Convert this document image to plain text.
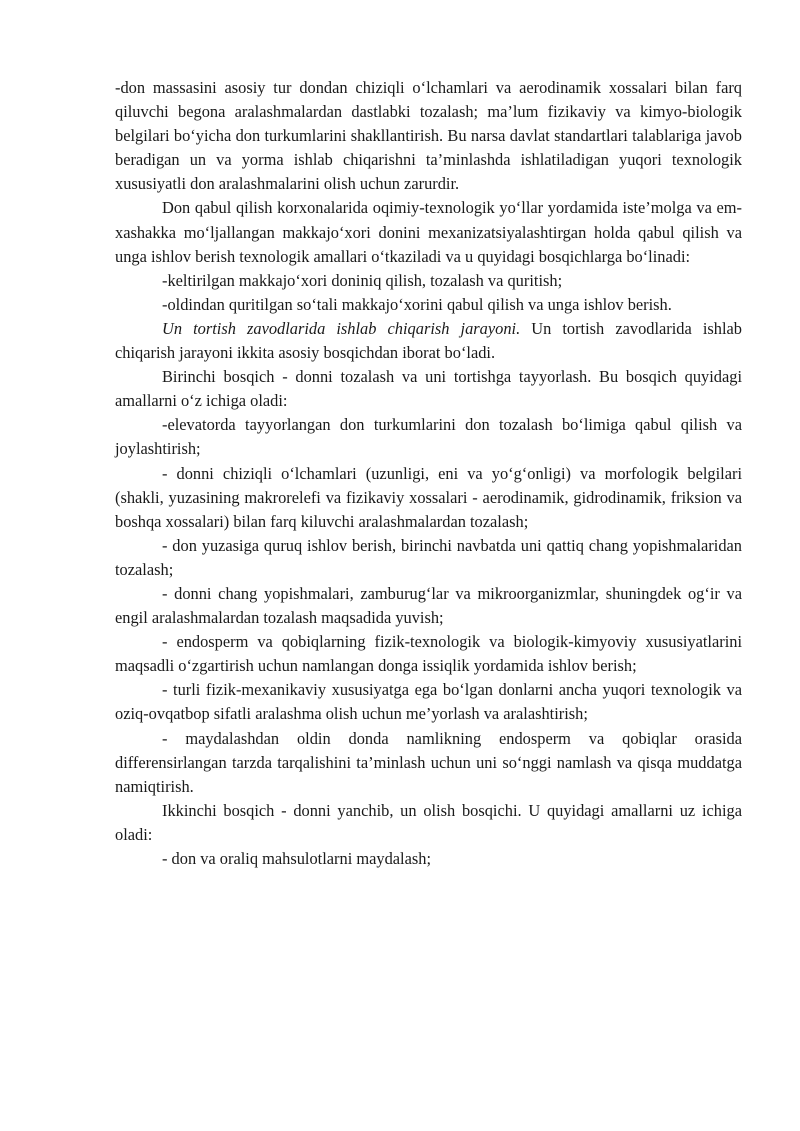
-don massasini asosiy tur dondan chiziqli o‘lchamlari va aerodinamik xossalari bilan farq qiluvchi begona aralashmalardan dastlabki tozalash; ma’lum fizikaviy va kimyo-biologik belgilari bo‘yicha don turkumlarini shakllantirish. Bu narsa davlat standartlari talablariga javob beradigan un va yorma ishlab chiqarishni ta’minlashda ishlatiladigan yuqori texnologik xususiyatli don aralashmalarini olish uchun zarurdir.

Don qabul qilish korxonalarida oqimiy-texnologik yo‘llar yordamida iste’molga va em-xashakka mo‘ljallangan makkajo‘xori donini mexanizatsiyalashtirgan holda qabul qilish va unga ishlov berish texnologik amallari o‘tkaziladi va u quyidagi bosqichlarga bo‘linadi:

-keltirilgan makkajo‘xori doniniq qilish, tozalash va quritish;

-oldindan quritilgan so‘tali makkajo‘xorini qabul qilish va unga ishlov berish.

Un tortish zavodlarida ishlab chiqarish jarayoni. Un tortish zavodlarida ishlab chiqarish jarayoni ikkita asosiy bosqichdan iborat bo‘ladi.

Birinchi bosqich - donni tozalash va uni tortishga tayyorlash. Bu bosqich quyidagi amallarni o‘z ichiga oladi:

-elevatorda tayyorlangan don turkumlarini don tozalash bo‘limiga qabul qilish va joylashtirish;

- donni chiziqli o‘lchamlari (uzunligi, eni va yo‘g‘onligi) va morfologik belgilari (shakli, yuzasining makrorelefi va fizikaviy xossalari - aerodinamik, gidrodinamik, friksion va boshqa xossalari) bilan farq kiluvchi aralashmalardan tozalash;

- don yuzasiga quruq ishlov berish, birinchi navbatda uni qattiq chang yopishmalaridan tozalash;

- donni chang yopishmalari, zamburug‘lar va mikroorganizmlar, shuningdek og‘ir va engil aralashmalardan tozalash maqsadida yuvish;

- endosperm va qobiqlarning fizik-texnologik va biologik-kimyoviy xususiyatlarini maqsadli o‘zgartirish uchun namlangan donga issiqlik yordamida ishlov berish;

- turli fizik-mexanikaviy xususiyatga ega bo‘lgan donlarni ancha yuqori texnologik va oziq-ovqatbop sifatli aralashma olish uchun me’yorlash va aralashtirish;

- maydalashdan oldin donda namlikning endosperm va qobiqlar orasida differensirlangan tarzda tarqalishini ta’minlash uchun uni so‘nggi namlash va qisqa muddatga namiqtirish.

Ikkinchi bosqich - donni yanchib, un olish bosqichi. U quyidagi amallarni uz ichiga oladi:

- don va oraliq mahsulotlarni maydalash;
